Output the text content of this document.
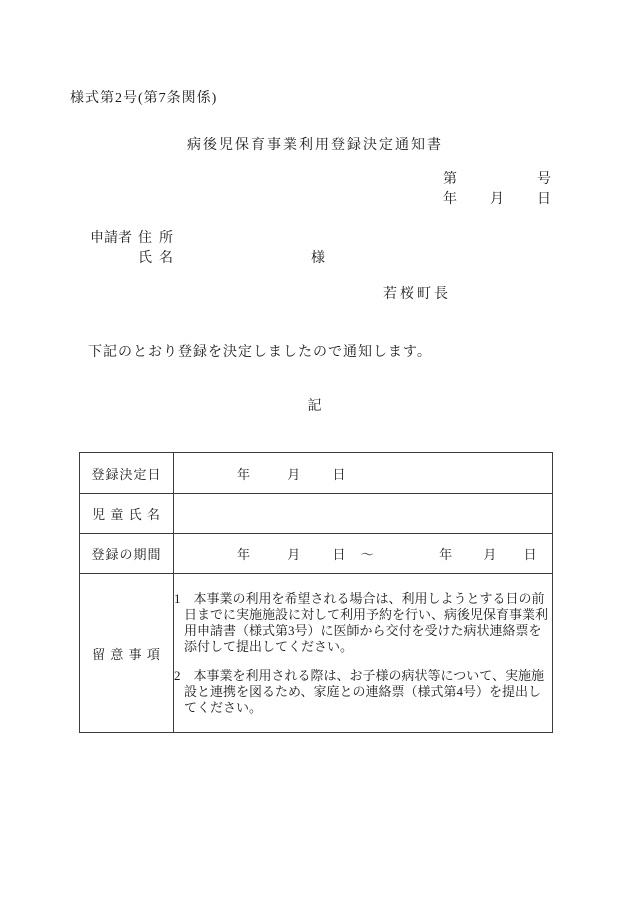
様式第2号(第7条関係)
病後児保育事業利用登録決定通知書
第	号
年 月 日
申請者 住  所
氏  名	様
若桜町長
下記のとおり登録を決定しましたので通知します。
記
登録決定日	年 月 日
児 童 氏 名	
登録の期間	年 月 日 ～ 年 月 日
留 意 事 項	1 本事業の利用を希望される場合は、利用しようとする日の前日までに実施施設に対して利用予約を行い、病後児保育事業利用申請書（様式第3号）に医師から交付を受けた病状連絡票を添付して提出してください。
2 本事業を利用される際は、お子様の病状等について、実施施設と連携を図るため、家庭との連絡票（様式第4号）を提出してください。
